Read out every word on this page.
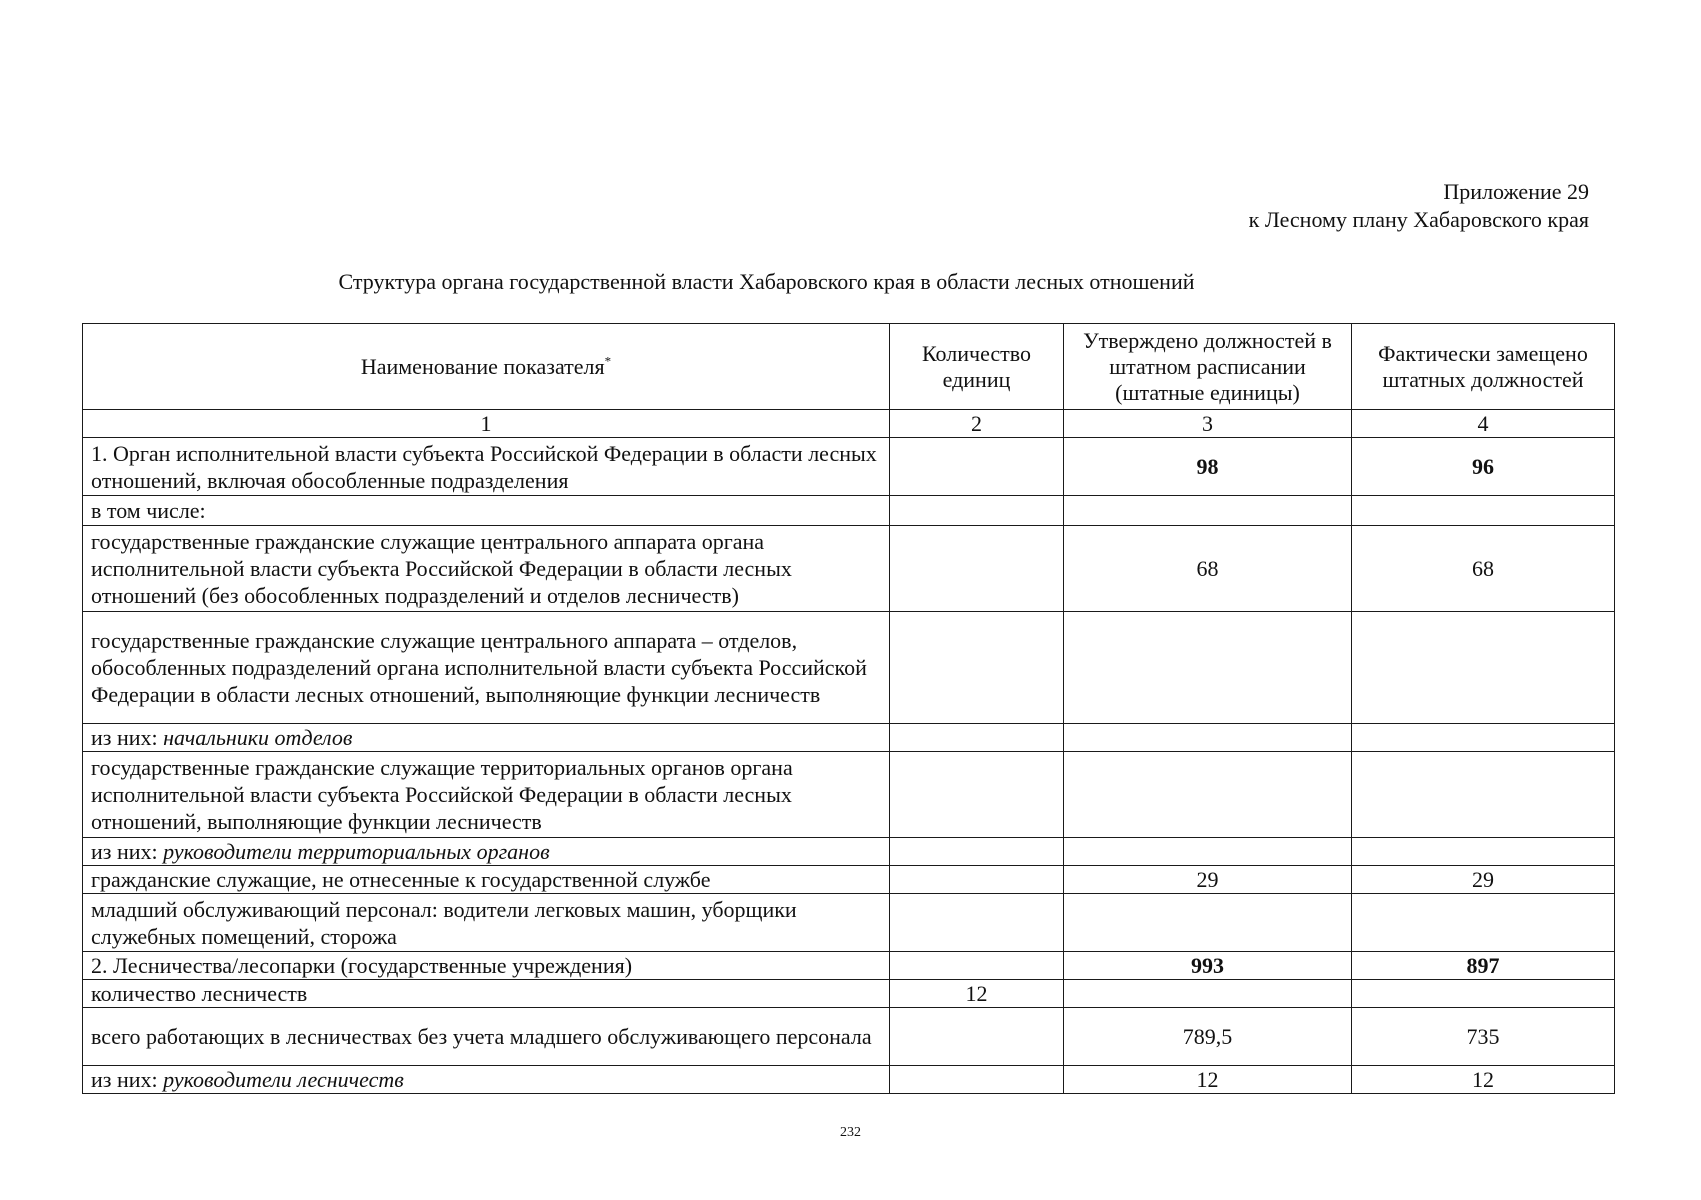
Приложение 29
к Лесному плану Хабаровского края
Структура органа государственной власти Хабаровского края в области лесных отношений
Наименование показателя*	Количество единиц	Утверждено должностей в штатном расписании (штатные единицы)	Фактически замещено штатных должностей
1	2	3	4
1. Орган исполнительной власти субъекта Российской Федерации в области лесных отношений, включая обособленные подразделения		98	96
в том числе:			
государственные гражданские служащие центрального аппарата органа исполнительной власти субъекта Российской Федерации в области лесных отношений (без обособленных подразделений и отделов лесничеств)		68	68
государственные гражданские служащие центрального аппарата – отделов, обособленных подразделений органа исполнительной власти субъекта Российской Федерации в области лесных отношений, выполняющие функции лесничеств			
из них: начальники отделов			
государственные гражданские служащие территориальных органов органа исполнительной власти субъекта Российской Федерации в области лесных отношений, выполняющие функции лесничеств			
из них: руководители территориальных органов			
гражданские служащие, не отнесенные к государственной службе		29	29
младший обслуживающий персонал: водители легковых машин, уборщики служебных помещений, сторожа			
2. Лесничества/лесопарки (государственные учреждения)		993	897
количество лесничеств	12		
всего работающих в лесничествах без учета младшего обслуживающего персонала		789,5	735
из них: руководители лесничеств		12	12
232
